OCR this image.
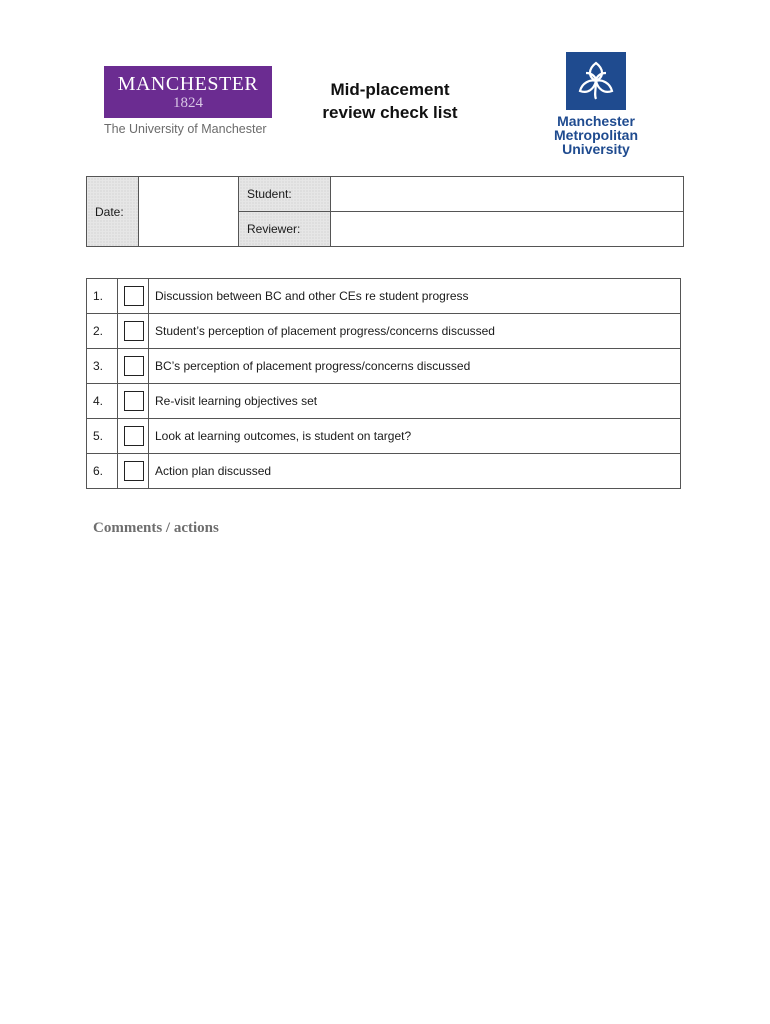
MANCHESTER
1824
The University of Manchester
Mid-placement
review check list	Manchester
Metropolitan
University
Date:		Student:	
		Reviewer:	
1.		Discussion between BC and other CEs re student progress
2.		Student’s perception of placement progress/concerns discussed
3.		BC’s perception of placement progress/concerns discussed
4.		Re-visit learning objectives set
5.		Look at learning outcomes, is student on target?
6.		Action plan discussed
Comments / actions
